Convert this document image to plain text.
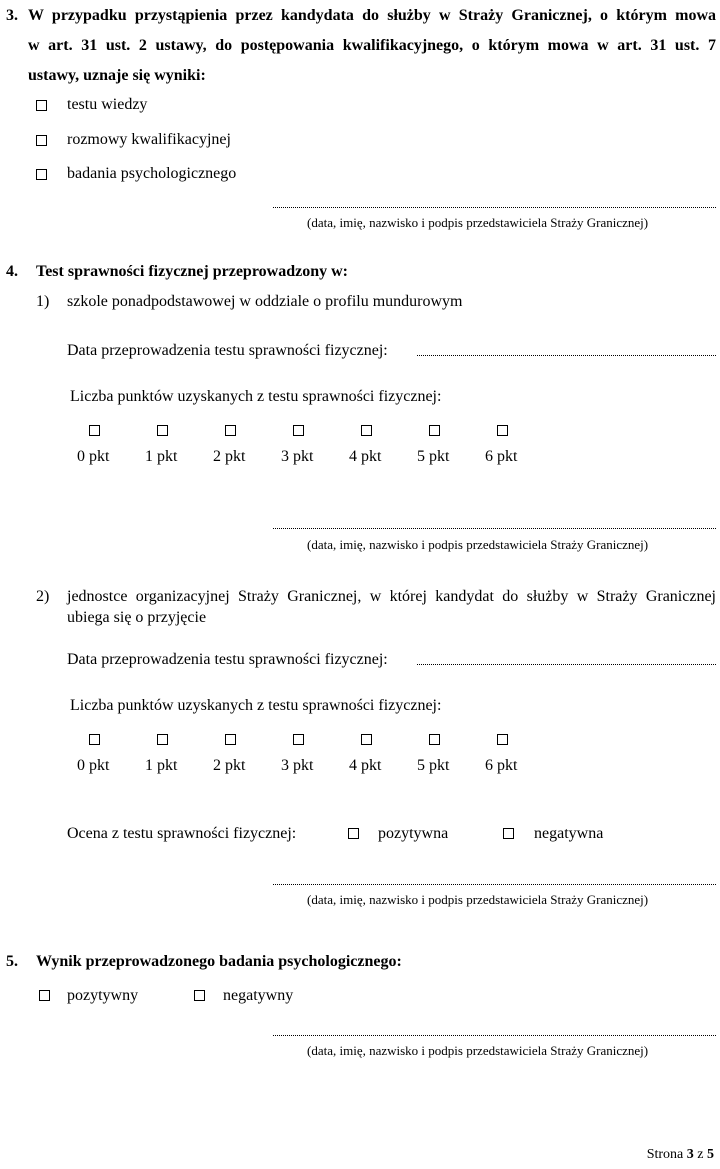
3. W przypadku przystąpienia przez kandydata do służby w Straży Granicznej, o którym mowa
w art. 31 ust. 2 ustawy, do postępowania kwalifikacyjnego, o którym mowa w art. 31 ust. 7
ustawy, uznaje się wyniki:
testu wiedzy
rozmowy kwalifikacyjnej
badania psychologicznego
(data, imię, nazwisko i podpis przedstawiciela Straży Granicznej)
4. Test sprawności fizycznej przeprowadzony w:
1) szkole ponadpodstawowej w oddziale o profilu mundurowym
Data przeprowadzenia testu sprawności fizycznej:
Liczba punktów uzyskanych z testu sprawności fizycznej:
0 pkt 1 pkt 2 pkt 3 pkt 4 pkt 5 pkt 6 pkt
(data, imię, nazwisko i podpis przedstawiciela Straży Granicznej)
2) jednostce organizacyjnej Straży Granicznej, w której kandydat do służby w Straży Granicznej
ubiega się o przyjęcie
Data przeprowadzenia testu sprawności fizycznej:
Liczba punktów uzyskanych z testu sprawności fizycznej:
0 pkt 1 pkt 2 pkt 3 pkt 4 pkt 5 pkt 6 pkt
Ocena z testu sprawności fizycznej:	pozytywna	negatywna
(data, imię, nazwisko i podpis przedstawiciela Straży Granicznej)
5. Wynik przeprowadzonego badania psychologicznego:
pozytywny	negatywny
(data, imię, nazwisko i podpis przedstawiciela Straży Granicznej)
Strona 3 z 5
